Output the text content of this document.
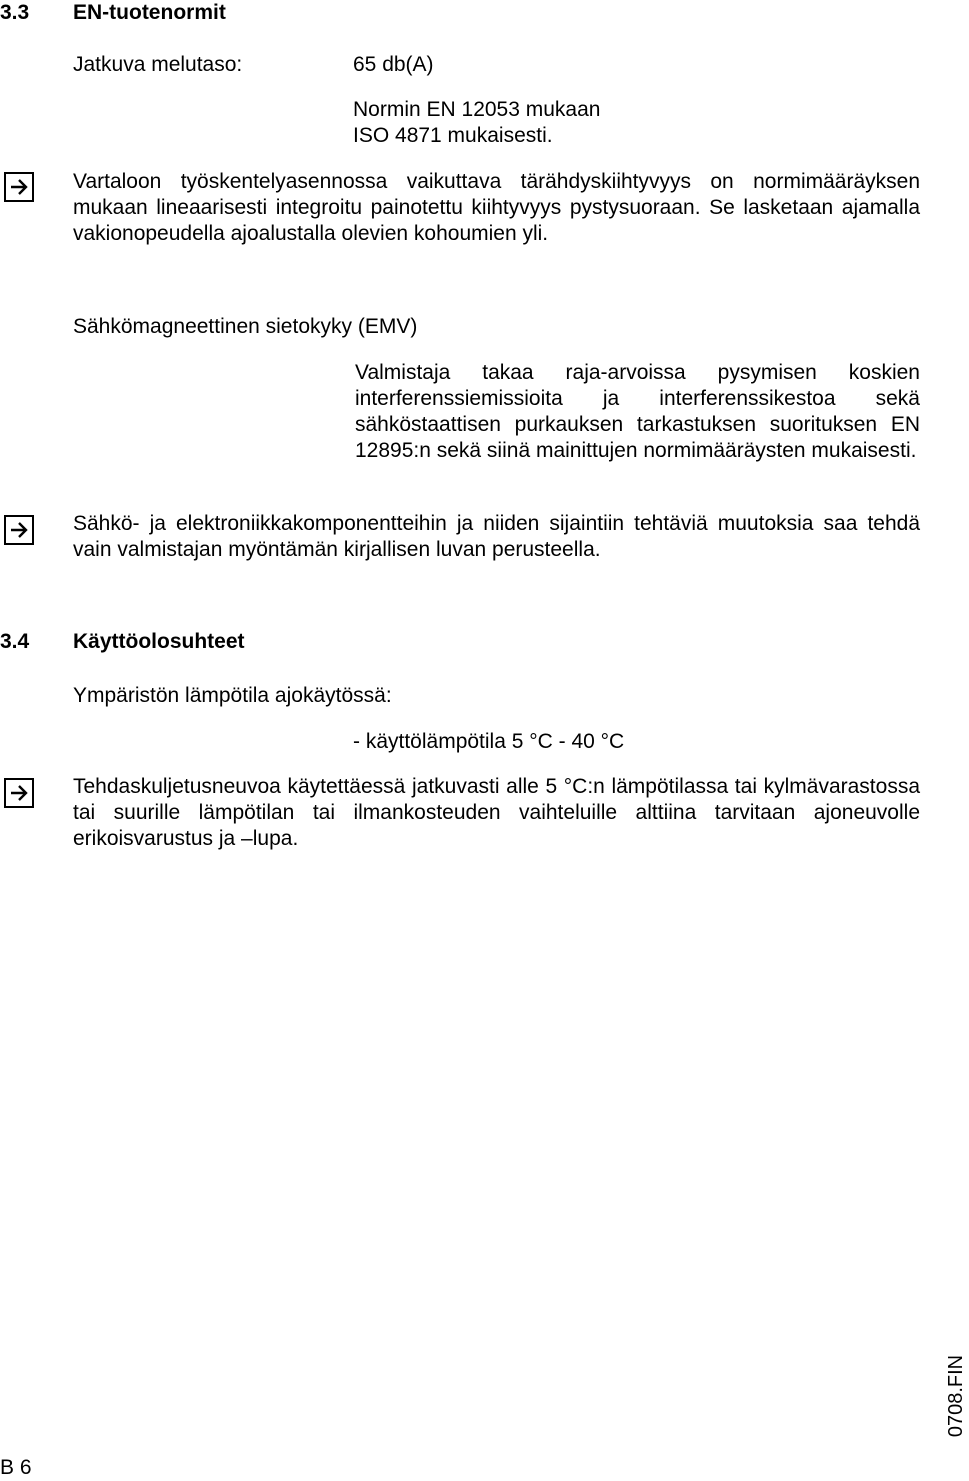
3.3 EN-tuotenormit
Jatkuva melutaso:	65 db(A)
Normin EN 12053 mukaan
ISO 4871 mukaisesti.

Vartaloon työskentelyasennossa vaikuttava tärähdyskiihtyvyys on normimääräyksen mukaan lineaarisesti integroitu painotettu kiihtyvyys pystysuoraan. Se lasketaan ajamalla vakionopeudella ajoalustalla olevien kohoumien yli.

Sähkömagneettinen sietokyky (EMV)

Valmistaja takaa raja-arvoissa pysymisen koskien interferenssiemissioita ja interferenssikestoa sekä sähköstaattisen purkauksen tarkastuksen suorituksen EN 12895:n sekä siinä mainittujen normimääräysten mukaisesti.

Sähkö- ja elektroniikkakomponentteihin ja niiden sijaintiin tehtäviä muutoksia saa tehdä vain valmistajan myöntämän kirjallisen luvan perusteella.

3.4 Käyttöolosuhteet
Ympäristön lämpötila ajokäytössä:
- käyttölämpötila 5 °C - 40 °C

Tehdaskuljetusneuvoa käytettäessä jatkuvasti alle 5 °C:n lämpötilassa tai kylmävarastossa tai suurille lämpötilan tai ilmankosteuden vaihteluille alttiina tarvitaan ajoneuvolle erikoisvarustus ja –lupa.

0708.FIN
B 6
